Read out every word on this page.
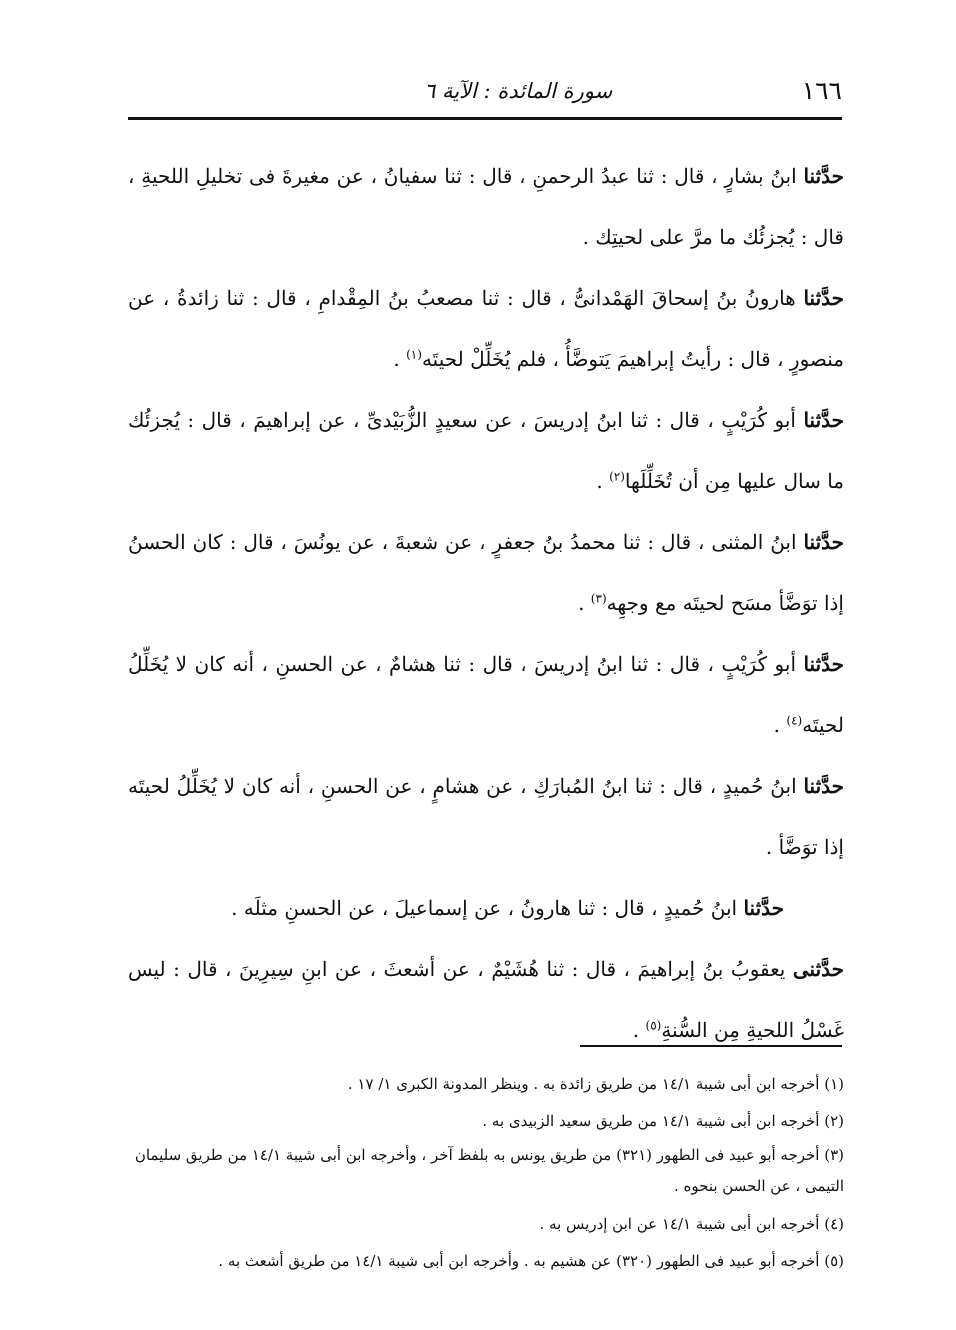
١٦٦
سورة المائدة : الآية ٦

حدَّثنا ابنُ بشارٍ ، قال : ثنا عبدُ الرحمنِ ، قال : ثنا سفيانُ ، عن مغيرةَ فى تخليلِ اللحيةِ ، قال : يُجزئُك ما مرَّ على لحيتِك .

حدَّثنا هارونُ بنُ إسحاقَ الهَمْدانىُّ ، قال : ثنا مصعبُ بنُ المِقْدامِ ، قال : ثنا زائدةُ ، عن منصورٍ ، قال : رأيتُ إبراهيمَ يَتوضَّأُ ، فلم يُخَلِّلْ لحيتَه$^{(١)}$ .

حدَّثنا أبو كُرَيْبٍ ، قال : ثنا ابنُ إدريسَ ، عن سعيدٍ الزُّبَيْدىِّ ، عن إبراهيمَ ، قال : يُجزئُك ما سال عليها مِن أن تُخَلِّلَها$^{(٢)}$ .

حدَّثنا ابنُ المثنى ، قال : ثنا محمدُ بنُ جعفرٍ ، عن شعبةَ ، عن يونُسَ ، قال : كان الحسنُ إذا توَضَّأ مسَح لحيتَه مع وجهِه$^{(٣)}$ .

حدَّثنا أبو كُرَيْبٍ ، قال : ثنا ابنُ إدريسَ ، قال : ثنا هشامٌ ، عن الحسنِ ، أنه كان لا يُخَلِّلُ لحيتَه$^{(٤)}$ .

حدَّثنا ابنُ حُميدٍ ، قال : ثنا ابنُ المُبارَكِ ، عن هشامٍ ، عن الحسنِ ، أنه كان لا يُخَلِّلُ لحيتَه إذا توَضَّأ .

حدَّثنا ابنُ حُميدٍ ، قال : ثنا هارونُ ، عن إسماعيلَ ، عن الحسنِ مثلَه .

حدَّثنى يعقوبُ بنُ إبراهيمَ ، قال : ثنا هُشَيْمٌ ، عن أشعثَ ، عن ابنِ سِيرِينَ ، قال : ليس غَسْلُ اللحيةِ مِن السُّنةِ$^{(٥)}$ .

(١) أخرجه ابن أبى شيبة ١٤/١ من طريق زائدة به . وينظر المدونة الكبرى ١/ ١٧ .

(٢) أخرجه ابن أبى شيبة ١٤/١ من طريق سعيد الزبيدى به .

(٣) أخرجه أبو عبيد فى الطهور (٣٢١) من طريق يونس به بلفظ آخر ، وأخرجه ابن أبى شيبة ١٤/١ من طريق سليمان التيمى ، عن الحسن بنحوه .

(٤) أخرجه ابن أبى شيبة ١٤/١ عن ابن إدريس به .

(٥) أخرجه أبو عبيد فى الطهور (٣٢٠) عن هشيم به . وأخرجه ابن أبى شيبة ١٤/١ من طريق أشعث به .
